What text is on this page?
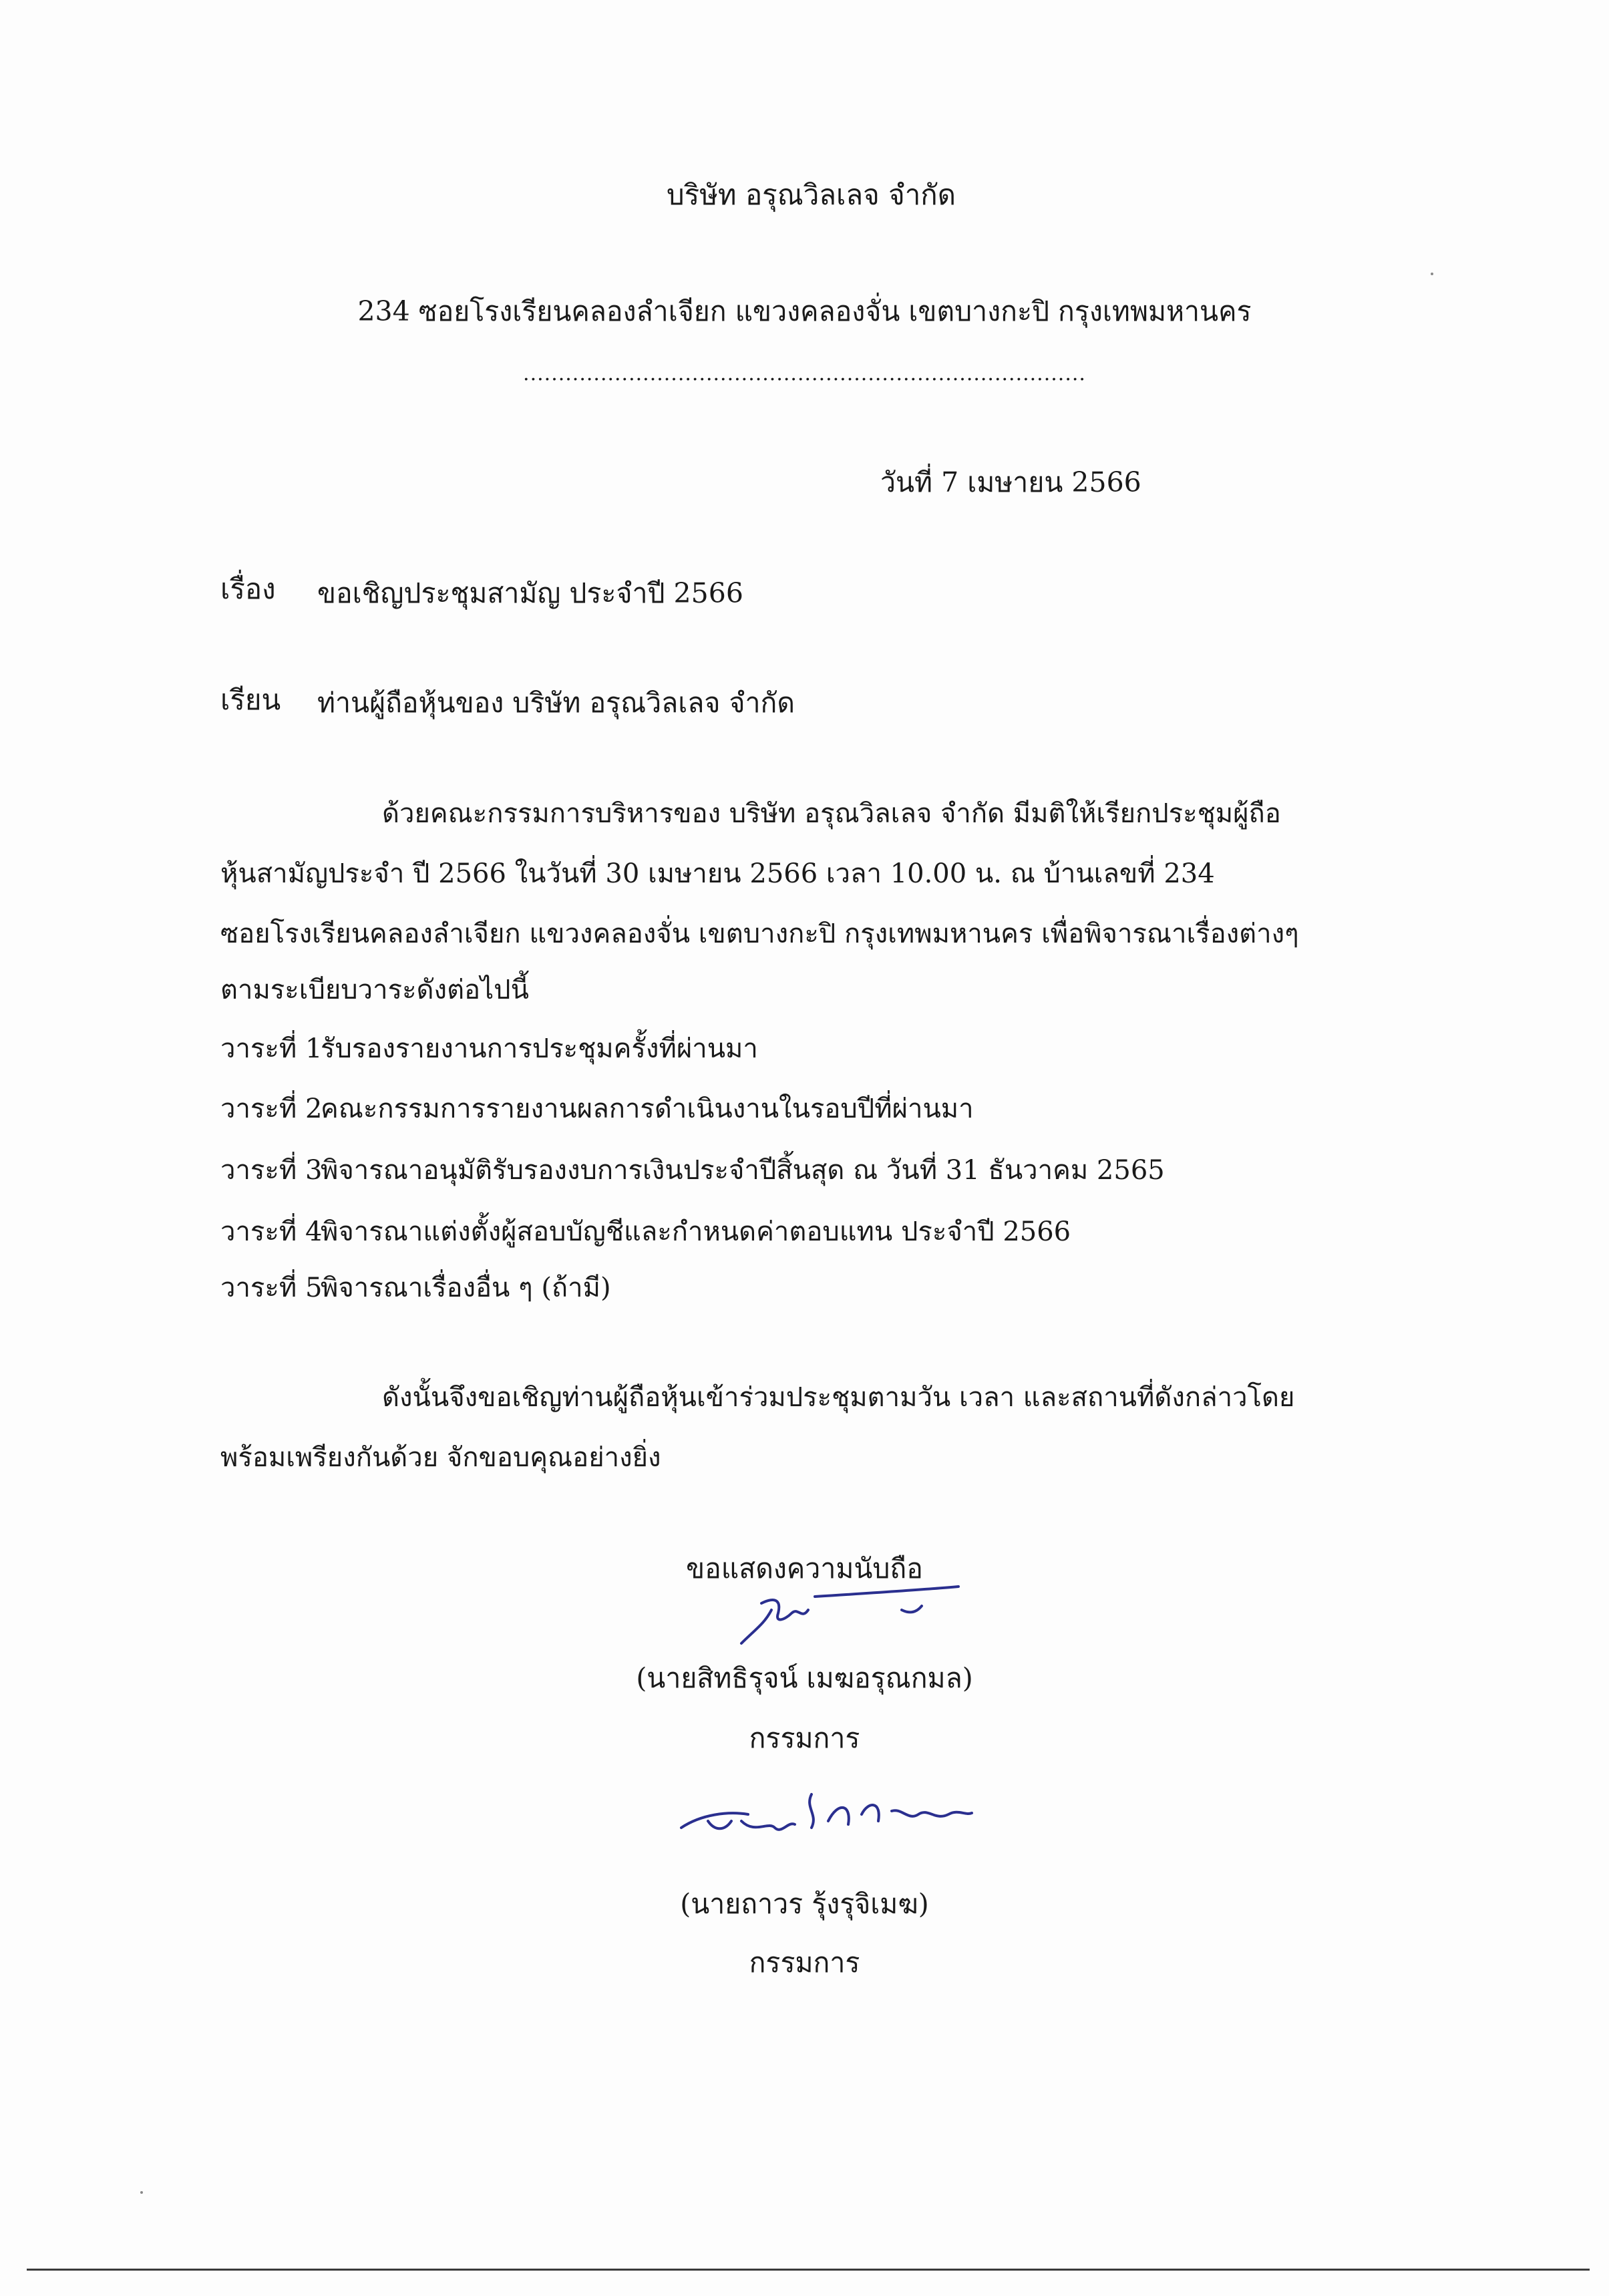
บริษัท อรุณวิลเลจ จำกัด
234 ซอยโรงเรียนคลองลำเจียก แขวงคลองจั่น เขตบางกะปิ กรุงเทพมหานคร
................................................................................
วันที่ 7 เมษายน 2566
เรื่อง ขอเชิญประชุมสามัญ ประจำปี 2566
เรียน ท่านผู้ถือหุ้นของ บริษัท อรุณวิลเลจ จำกัด
ด้วยคณะกรรมการบริหารของ บริษัท อรุณวิลเลจ จำกัด มีมติให้เรียกประชุมผู้ถือ
หุ้นสามัญประจำ ปี 2566 ในวันที่ 30 เมษายน 2566 เวลา 10.00 น. ณ บ้านเลขที่ 234
ซอยโรงเรียนคลองลำเจียก แขวงคลองจั่น เขตบางกะปิ กรุงเทพมหานคร เพื่อพิจารณาเรื่องต่างๆ
ตามระเบียบวาระดังต่อไปนี้
วาระที่ 1รับรองรายงานการประชุมครั้งที่ผ่านมา
วาระที่ 2คณะกรรมการรายงานผลการดำเนินงานในรอบปีที่ผ่านมา
วาระที่ 3พิจารณาอนุมัติรับรองงบการเงินประจำปีสิ้นสุด ณ วันที่ 31 ธันวาคม 2565
วาระที่ 4พิจารณาแต่งตั้งผู้สอบบัญชีและกำหนดค่าตอบแทน ประจำปี 2566
วาระที่ 5พิจารณาเรื่องอื่น ๆ (ถ้ามี)
ดังนั้นจึงขอเชิญท่านผู้ถือหุ้นเข้าร่วมประชุมตามวัน เวลา และสถานที่ดังกล่าวโดย
พร้อมเพรียงกันด้วย จักขอบคุณอย่างยิ่ง
ขอแสดงความนับถือ
(นายสิทธิรุจน์ เมฆอรุณกมล)
กรรมการ
(นายถาวร รุ้งรุจิเมฆ)
กรรมการ
